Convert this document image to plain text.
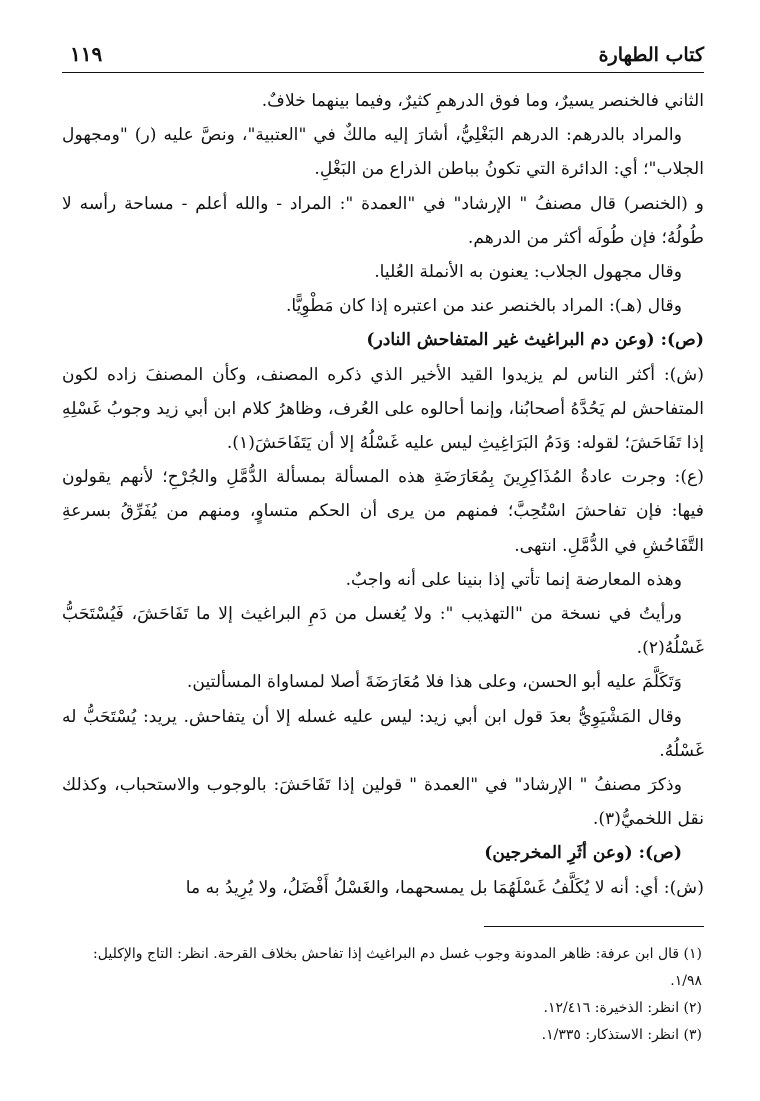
كتاب الطهارة
١١٩

الثاني فالخنصر يسيرٌ، وما فوق الدرهمِ كثيرٌ، وفيما بينهما خلافٌ.

والمراد بالدرهم: الدرهم البَغْلِيُّ، أشارَ إليه مالكٌ في "العتبية"، ونصَّ عليه (ر) "ومجهول الجلاب"؛ أي: الدائرة التي تكونُ بباطن الذراع من البَغْلِ.

و (الخنصر) قال مصنفُ " الإرشاد" في "العمدة ": المراد - والله أعلم - مساحة رأسه لا طُولُهُ؛ فإن طُولَه أكثر من الدرهم.

وقال مجهول الجلاب: يعنون به الأنملة العُليا.

وقال (هـ): المراد بالخنصر عند من اعتبره إذا كان مَطْوِيًّا.

(ص): (وعن دم البراغيث غير المتفاحش النادر)

(ش): أكثر الناس لم يزيدوا القيد الأخير الذي ذكره المصنف، وكأن المصنفَ زاده لكون المتفاحش لم يَحُدَّهُ أصحابُنا، وإنما أحالوه على العُرف، وظاهرُ كلام ابن أبي زيد وجوبُ غَسْلِهِ إذا تَفَاحَشَ؛ لقوله: وَدَمُ البَرَاغِيثِ ليس عليه غَسْلُهُ إلا أن يَتَفَاحَشَ(١).

(ع): وجرت عادةُ المُذَاكِرِينَ بِمُعَارَضَةِ هذه المسألة بمسألة الدُّمَّلِ والجُرْحِ؛ لأنهم يقولون فيها: فإن تفاحشَ اسْتُحِبَّ؛ فمنهم من يرى أن الحكم متساوٍ، ومنهم من يُفَرِّقُ بسرعةِ التَّفَاحُشِ في الدُّمَّلِ. انتهى.

وهذه المعارضة إنما تأتي إذا بنينا على أنه واجبٌ.

ورأيتُ في نسخة من "التهذيب ": ولا يُغسل من دَمِ البراغيث إلا ما تَفَاحَشَ، فَيُسْتَحَبُّ غَسْلُهُ(٢).

وَتَكَلَّمَ عليه أبو الحسن، وعلى هذا فلا مُعَارَضَةَ أصلا لمساواة المسألتين.

وقال المَشْيَوِيُّ بعدَ قول ابن أبي زيد: ليس عليه غسله إلا أن يتفاحش. يريد: يُسْتَحَبُّ له غَسْلُهُ.

وذكرَ مصنفُ " الإرشاد" في "العمدة " قولين إذا تَفَاحَشَ: بالوجوب والاستحباب، وكذلك نقل اللخميُّ(٣).

(ص): (وعن أثَرِ المخرجين)

(ش): أي: أنه لا يُكَلَّفُ غَسْلَهُمَا بل يمسحهما، والغَسْلُ أَفْضَلُ، ولا يُرِيدُ به ما

(١) قال ابن عرفة: ظاهر المدونة وجوب غسل دم البراغيث إذا تفاحش بخلاف القرحة. انظر: التاج والإكليل: ١/٩٨.

(٢) انظر: الذخيرة: ١٢/٤١٦.

(٣) انظر: الاستذكار: ١/٣٣٥.
